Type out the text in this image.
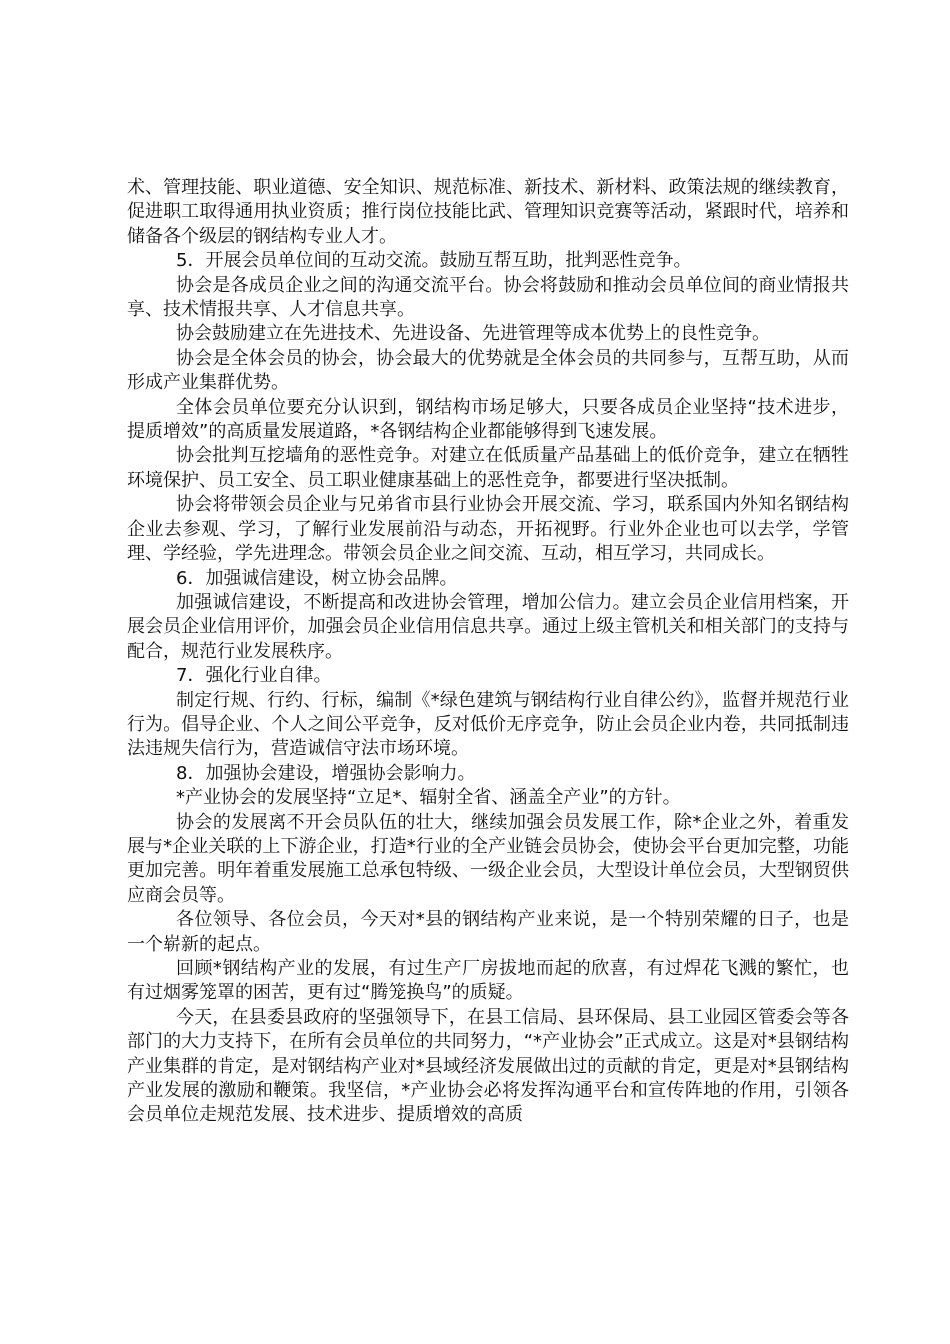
术、管理技能、职业道德、安全知识、规范标准、新技术、新材料、政策法规的继续教育，促进职工取得通用执业资质；推行岗位技能比武、管理知识竞赛等活动，紧跟时代，培养和储备各个级层的钢结构专业人才。

5．开展会员单位间的互动交流。鼓励互帮互助，批判恶性竞争。

协会是各成员企业之间的沟通交流平台。协会将鼓励和推动会员单位间的商业情报共享、技术情报共享、人才信息共享。

协会鼓励建立在先进技术、先进设备、先进管理等成本优势上的良性竞争。

协会是全体会员的协会，协会最大的优势就是全体会员的共同参与，互帮互助，从而形成产业集群优势。

全体会员单位要充分认识到，钢结构市场足够大，只要各成员企业坚持“技术进步，提质增效”的高质量发展道路，*各钢结构企业都能够得到飞速发展。

协会批判互挖墙角的恶性竞争。对建立在低质量产品基础上的低价竞争，建立在牺牲环境保护、员工安全、员工职业健康基础上的恶性竞争，都要进行坚决抵制。

协会将带领会员企业与兄弟省市县行业协会开展交流、学习，联系国内外知名钢结构企业去参观、学习，了解行业发展前沿与动态，开拓视野。行业外企业也可以去学，学管理、学经验，学先进理念。带领会员企业之间交流、互动，相互学习，共同成长。

6．加强诚信建设，树立协会品牌。

加强诚信建设，不断提高和改进协会管理，增加公信力。建立会员企业信用档案，开展会员企业信用评价，加强会员企业信用信息共享。通过上级主管机关和相关部门的支持与配合，规范行业发展秩序。

7．强化行业自律。

制定行规、行约、行标，编制《*绿色建筑与钢结构行业自律公约》，监督并规范行业行为。倡导企业、个人之间公平竞争，反对低价无序竞争，防止会员企业内卷，共同抵制违法违规失信行为，营造诚信守法市场环境。

8．加强协会建设，增强协会影响力。

*产业协会的发展坚持“立足*、辐射全省、涵盖全产业”的方针。

协会的发展离不开会员队伍的壮大，继续加强会员发展工作，除*企业之外，着重发展与*企业关联的上下游企业，打造*行业的全产业链会员协会，使协会平台更加完整，功能更加完善。明年着重发展施工总承包特级、一级企业会员，大型设计单位会员，大型钢贸供应商会员等。

各位领导、各位会员，今天对*县的钢结构产业来说，是一个特别荣耀的日子，也是一个崭新的起点。

回顾*钢结构产业的发展，有过生产厂房拔地而起的欣喜，有过焊花飞溅的繁忙，也有过烟雾笼罩的困苦，更有过“腾笼换鸟”的质疑。

今天，在县委县政府的坚强领导下，在县工信局、县环保局、县工业园区管委会等各部门的大力支持下，在所有会员单位的共同努力，“*产业协会”正式成立。这是对*县钢结构产业集群的肯定，是对钢结构产业对*县域经济发展做出过的贡献的肯定，更是对*县钢结构产业发展的激励和鞭策。我坚信，*产业协会必将发挥沟通平台和宣传阵地的作用，引领各会员单位走规范发展、技术进步、提质增效的高质
